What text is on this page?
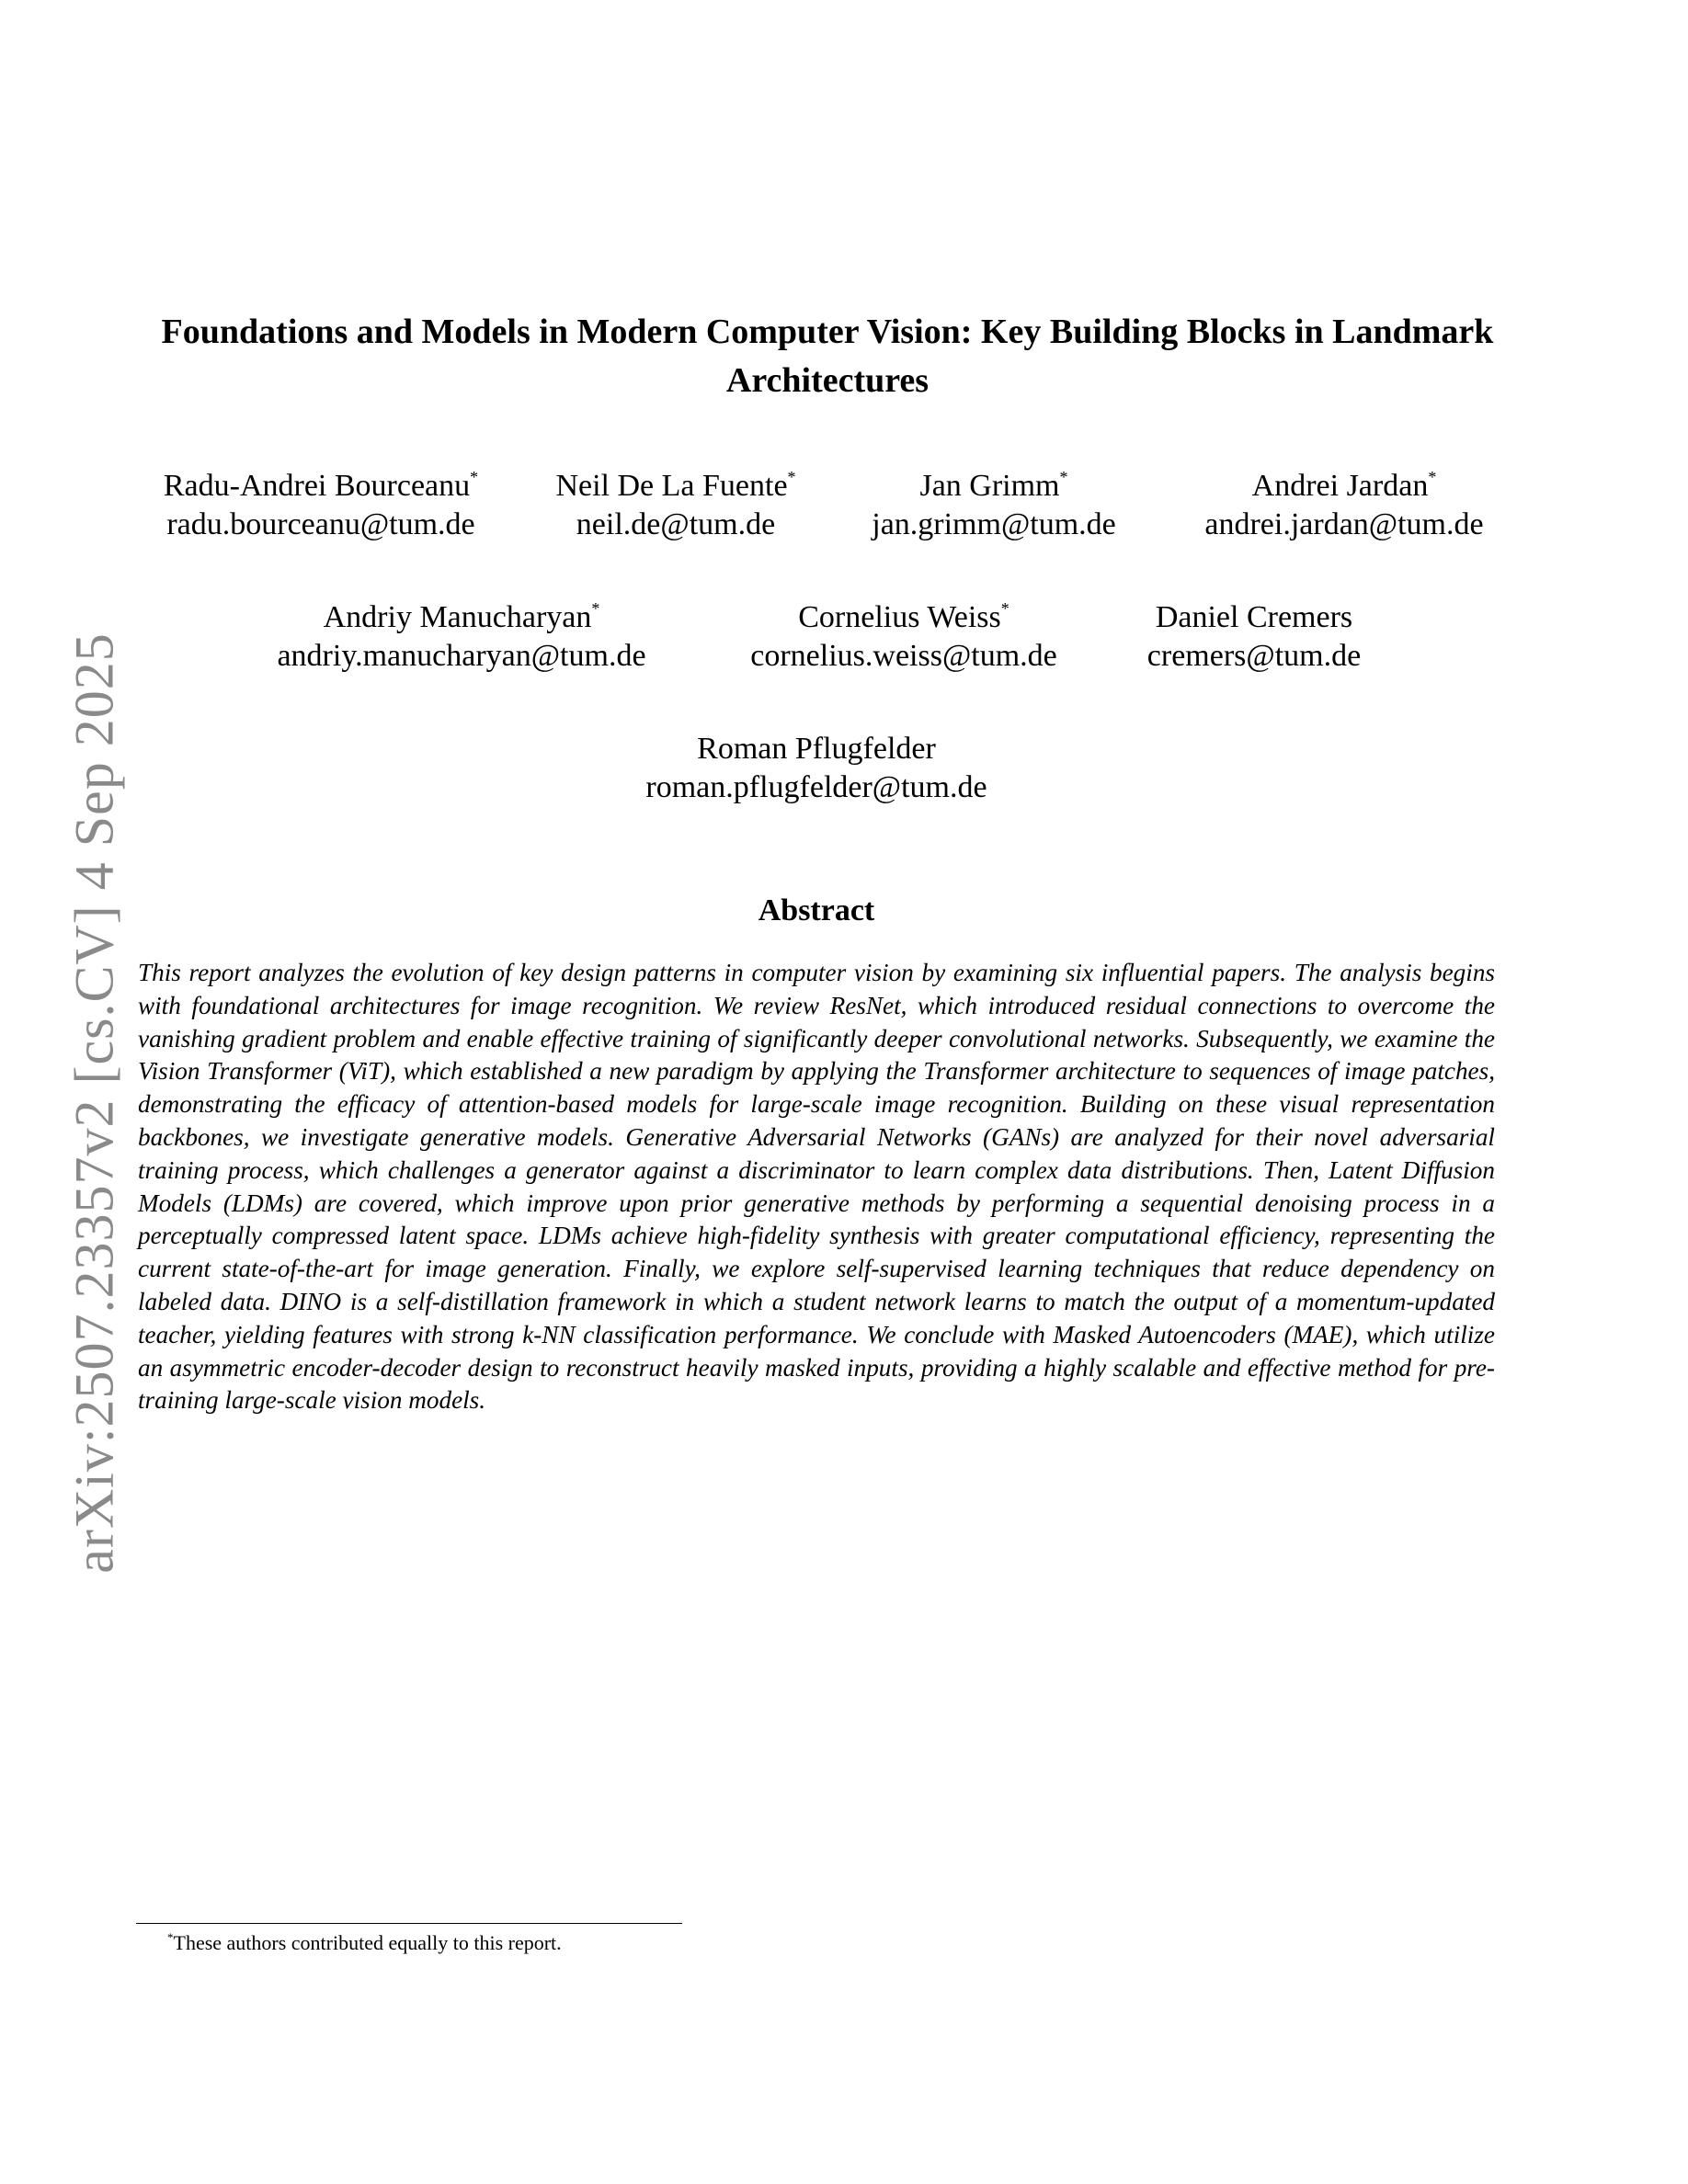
arXiv:2507.23357v2 [cs.CV] 4 Sep 2025
Foundations and Models in Modern Computer Vision: Key Building Blocks in Landmark Architectures
Radu-Andrei Bourceanu*
radu.bourceanu@tum.de
Neil De La Fuente*
neil.de@tum.de
Jan Grimm*
jan.grimm@tum.de
Andrei Jardan*
andrei.jardan@tum.de
Andriy Manucharyan*
andriy.manucharyan@tum.de
Cornelius Weiss*
cornelius.weiss@tum.de
Daniel Cremers
cremers@tum.de
Roman Pflugfelder
roman.pflugfelder@tum.de
Abstract
This report analyzes the evolution of key design patterns in computer vision by examining six influential papers. The analysis begins with foundational architectures for image recognition. We review ResNet, which introduced residual connections to overcome the vanishing gradient problem and enable effective training of significantly deeper convolutional networks. Subsequently, we examine the Vision Transformer (ViT), which established a new paradigm by applying the Transformer architecture to sequences of image patches, demonstrating the efficacy of attention-based models for large-scale image recognition. Building on these visual representation backbones, we investigate generative models. Generative Adversarial Networks (GANs) are analyzed for their novel adversarial training process, which challenges a generator against a discriminator to learn complex data distributions. Then, Latent Diffusion Models (LDMs) are covered, which improve upon prior generative methods by performing a sequential denoising process in a perceptually compressed latent space. LDMs achieve high-fidelity synthesis with greater computational efficiency, representing the current state-of-the-art for image generation. Finally, we explore self-supervised learning techniques that reduce dependency on labeled data. DINO is a self-distillation framework in which a student network learns to match the output of a momentum-updated teacher, yielding features with strong k-NN classification performance. We conclude with Masked Autoencoders (MAE), which utilize an asymmetric encoder-decoder design to reconstruct heavily masked inputs, providing a highly scalable and effective method for pre-training large-scale vision models.
*These authors contributed equally to this report.
